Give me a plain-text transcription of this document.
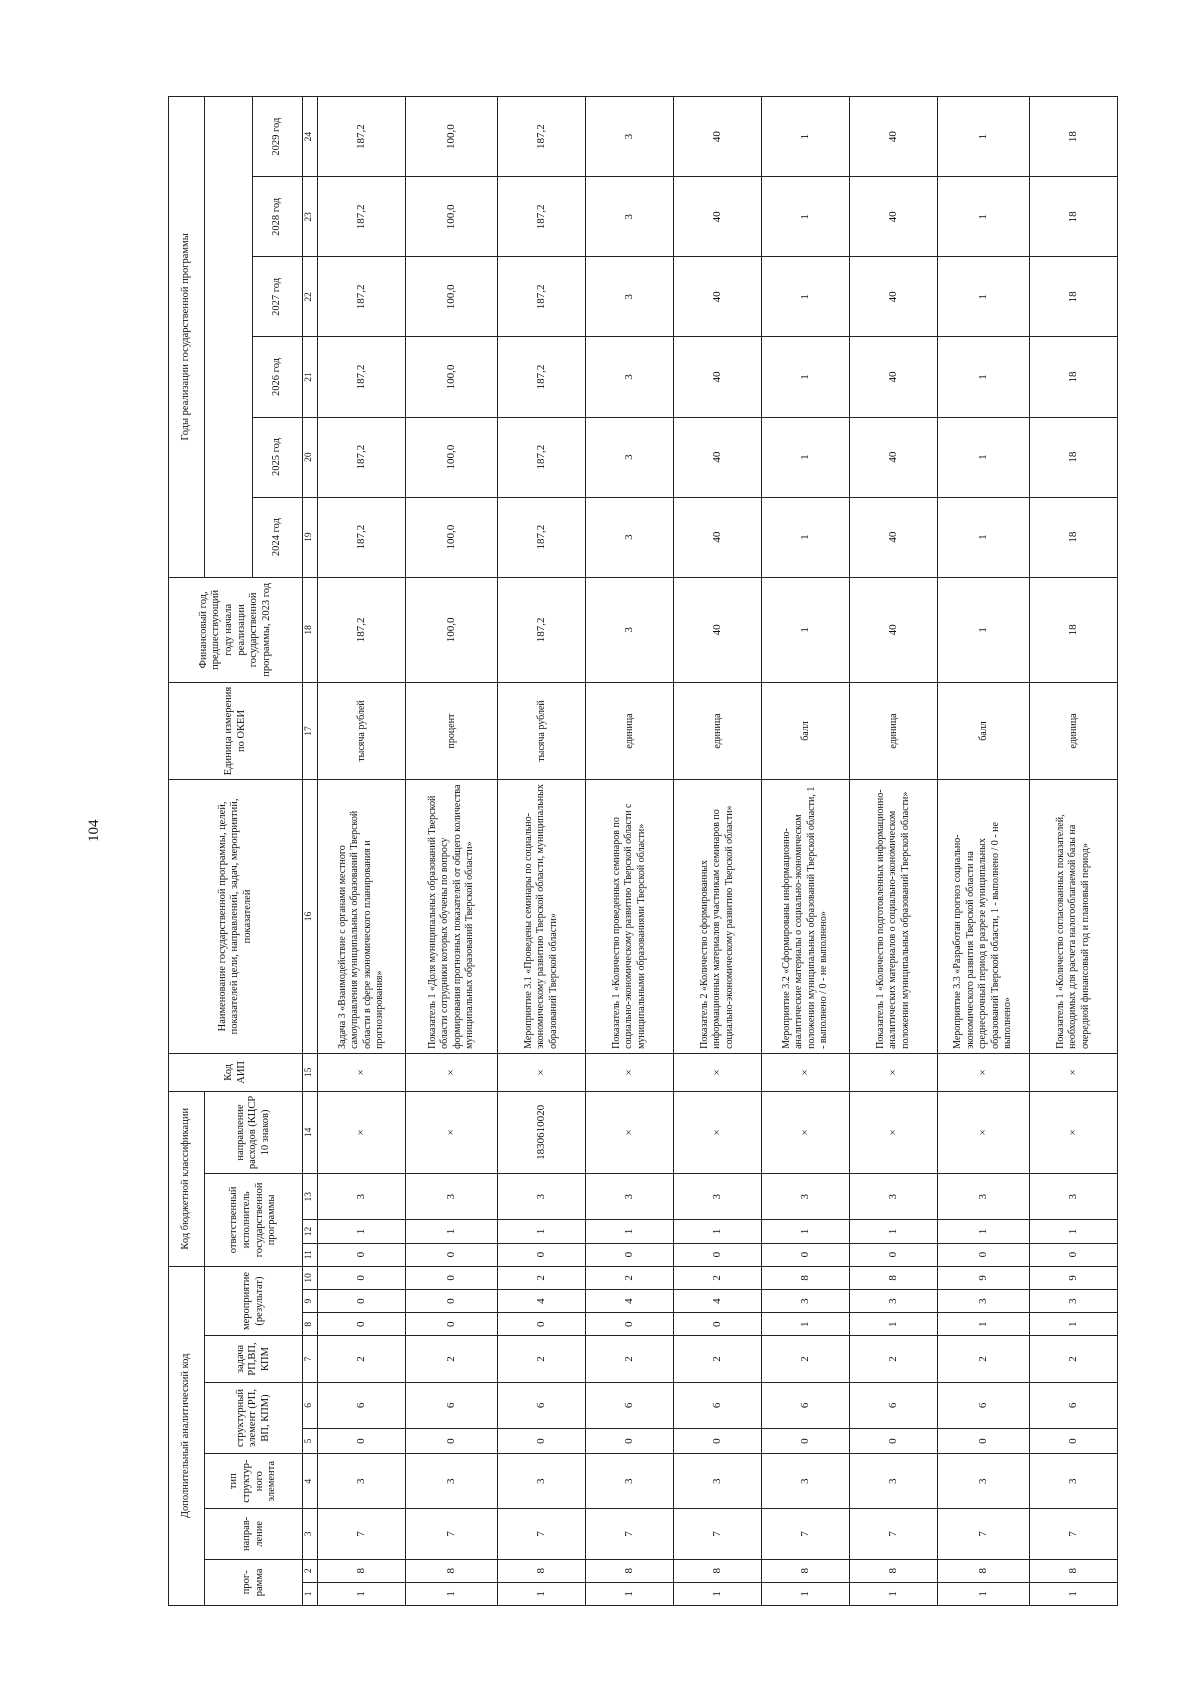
104
Дополнительный аналитический код										Код бюджетной классификации				Код АИП	Наименование государственной программы, целей, показателей цели, направлений, задач, мероприятий, показателей	Единица измерения по ОКЕИ	Финансовый год, предшествующий году начала реализации государственной программы, 2023 год	Годы реализации государственной программы					
прог-рамма		направ-ление	тип структур-ного элемента	структурный элемент (РП, ВП, КПМ)		задача РП,ВП, КПМ	мероприятие (результат)			ответственный исполнитель государственной программы			направление расходов (КЦСР 10 знаков)										
																		2024 год	2025 год	2026 год	2027 год	2028 год	2029 год
1	2	3	4	5	6	7	8	9	10	11	12	13	14	15	16	17	18	19	20	21	22	23	24
1	8	7	3	0	6	2	0	0	0	0	1	3	×	×	Задача 3 «Взаимодействие с органами местного самоуправления муниципальных образований Тверской области в сфере экономического планирования и прогнозирования»	тысяча рублей	187,2	187,2	187,2	187,2	187,2	187,2	187,2
1	8	7	3	0	6	2	0	0	0	0	1	3	×	×	Показатель 1 «Доля муниципальных образований Тверской области сотрудники которых обучены по вопросу формирования прогнозных показателей от общего количества муниципальных образований Тверской области»	процент	100,0	100,0	100,0	100,0	100,0	100,0	100,0
1	8	7	3	0	6	2	0	4	2	0	1	3	1830610020	×	Мероприятие 3.1 «Проведены семинары по социально-экономическому развитию Тверской области, муниципальных образований Тверской области»	тысяча рублей	187,2	187,2	187,2	187,2	187,2	187,2	187,2
1	8	7	3	0	6	2	0	4	2	0	1	3	×	×	Показатель 1 «Количество проведенных семинаров по социально-экономическому развитию Тверской области с муниципальными образованиями Тверской области»	единица	3	3	3	3	3	3	3
1	8	7	3	0	6	2	0	4	2	0	1	3	×	×	Показатель 2 «Количество сформированных информационных материалов участникам семинаров по социально-экономическому развитию Тверской области»	единица	40	40	40	40	40	40	40
1	8	7	3	0	6	2	1	3	8	0	1	3	×	×	Мероприятие 3.2 «Сформированы информационно-аналитические материалы о социально-экономическом положении муниципальных образований Тверской области, 1 - выполнено / 0 - не выполнено»	балл	1	1	1	1	1	1	1
1	8	7	3	0	6	2	1	3	8	0	1	3	×	×	Показатель 1 «Количество подготовленных информационно-аналитических материалов о социально-экономическом положении муниципальных образований Тверской области»	единица	40	40	40	40	40	40	40
1	8	7	3	0	6	2	1	3	9	0	1	3	×	×	Мероприятие 3.3 «Разработан прогноз социально-экономического развития Тверской области на среднесрочный период в разрезе муниципальных образований Тверской области, 1 - выполнено / 0 - не выполнено»	балл	1	1	1	1	1	1	1
1	8	7	3	0	6	2	1	3	9	0	1	3	×	×	Показатель 1 «Количество согласованных показателей, необходимых для расчета налогооблагаемой базы на очередной финансовый год и плановый период»	единица	18	18	18	18	18	18	18
